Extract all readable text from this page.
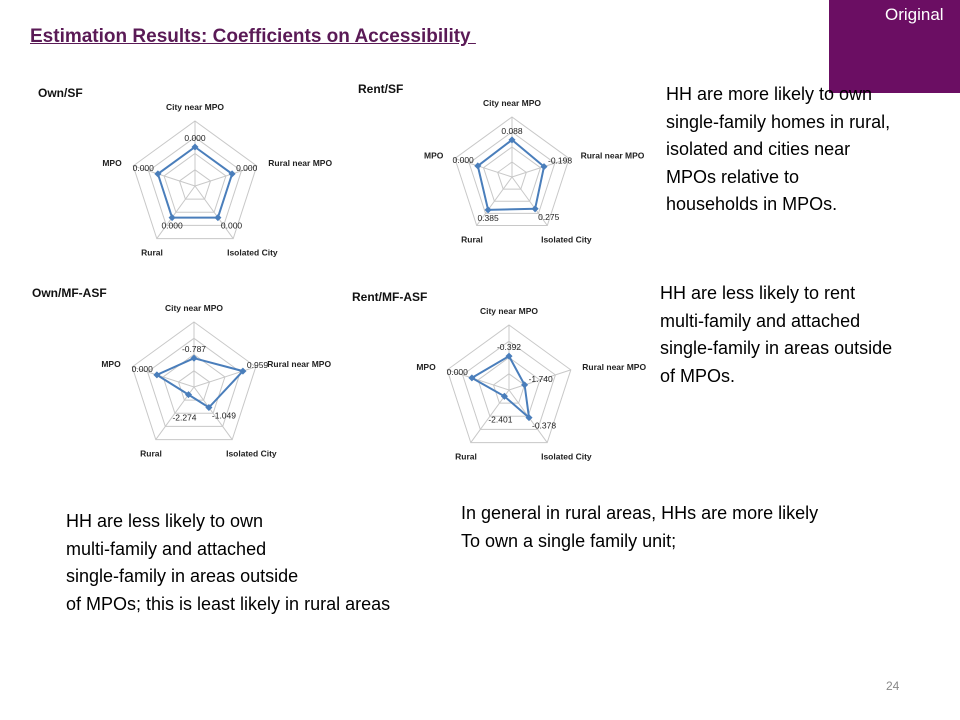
Estimation Results: Coefficients on Accessibility
Original
Own/SF	Rent/SF
Own/MF-ASF	Rent/MF-ASF
City near MPO
Rural near MPO
Isolated City
Rural
MPO
0.000
0.000
0.000
0.000
0.000
City near MPO
Rural near MPO
Isolated City
Rural
MPO
0.088
-0.198
0.275
0.385
0.000
City near MPO
Rural near MPO
Isolated City
Rural
MPO
-0.787
0.959
-1.049
-2.274
0.000
City near MPO
Rural near MPO
Isolated City
Rural
MPO
-0.392
-1.740
-0.378
-2.401
0.000
HH are more likely to own
single-family homes in rural,
isolated and cities near
MPOs relative to
households in MPOs.
HH are less likely to rent
multi-family and attached
single-family in areas outside
of MPOs.
HH are less likely to own
multi-family and attached
single-family in areas outside
of MPOs; this is least likely in rural areas
In general in rural areas, HHs are more likely
To own a single family unit;
24
